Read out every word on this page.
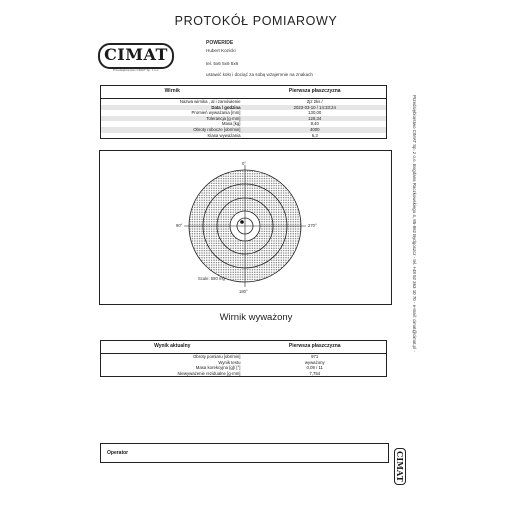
PROTOKÓŁ POMIAROWY
CIMAT
Przedsiębiorstwo CIMAT Sp. z o.o.
POWERIDE
Hubert Kozicki
tel. 5x6 5x6 5x6
ustawić koło i dociąć za sobą wzajemnie na znakach
Wirnik	Pierwsza płaszczyzna
Nazwa wirnika , al i zamówienie	Zjz 2ks /
Data / godzina	2023-03-10 / 14:33:24
Promień wyważania [mm]	130,00
Tolerancja [g·mm]	128,34
Masa [kg]	8,40
Obroty robocze [obr/min]	4000
Klasa wyważania	6,3
0°
270°
180°
90°
Scale: 580 mg
Wirnik wyważony
Wynik aktualny	Pierwsza płaszczyzna
Obroty pomiaru [obr/min]	971
Wynik testu	wyważony
Masa korekcyjna [g]/ [°]	0,09 / 11
Niewyważenie rezidualne [g·mm]	7,754
Operator
Przedsiębiorstwo CIMAT Sp. z o.o. Bogdana Raczkowskiego 4, 85-862 Bydgoszcz - tel. +48 52 363 10 70 - e-mail: cimat@cimat.pl -
CIMAT
